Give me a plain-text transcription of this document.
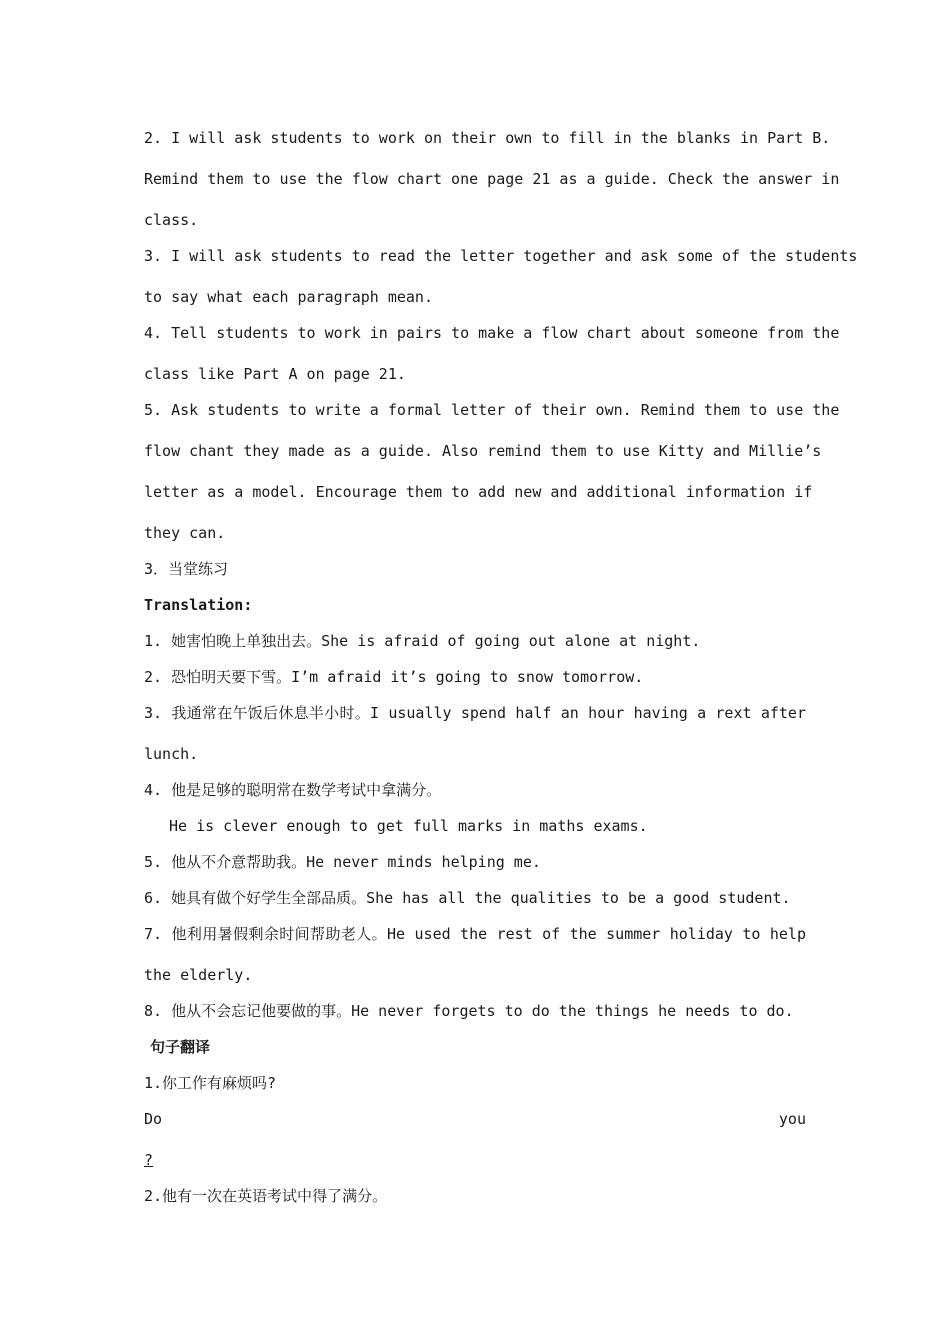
2. I will ask students to work on their own to fill in the blanks in Part B.
Remind them to use the flow chart one page 21 as a guide. Check the answer in
class.
3. I will ask students to read the letter together and ask some of the students
to say what each paragraph mean.
4. Tell students to work in pairs to make a flow chart about someone from the
class like Part A on page 21.
5. Ask students to write a formal letter of their own. Remind them to use the
flow chant they made as a guide. Also remind them to use Kitty and Millie’s
letter as a model. Encourage them to add new and additional information if
they can.
3．当堂练习
Translation:
1. 她害怕晚上单独出去。She is afraid of going out alone at night.
2. 恐怕明天要下雪。I’m afraid it’s going to snow tomorrow.
3. 我通常在午饭后休息半小时。I usually spend half an hour having a rext after
lunch.
4. 他是足够的聪明常在数学考试中拿满分。
He is clever enough to get full marks in maths exams.
5. 他从不介意帮助我。He never minds helping me.
6. 她具有做个好学生全部品质。She has all the qualities to be a good student.
7. 他利用暑假剩余时间帮助老人。He used the rest of the summer holiday to help
the elderly.
8. 他从不会忘记他要做的事。He never forgets to do the things he needs to do.
句子翻译
1.你工作有麻烦吗?
Do	you
?
2.他有一次在英语考试中得了满分。
